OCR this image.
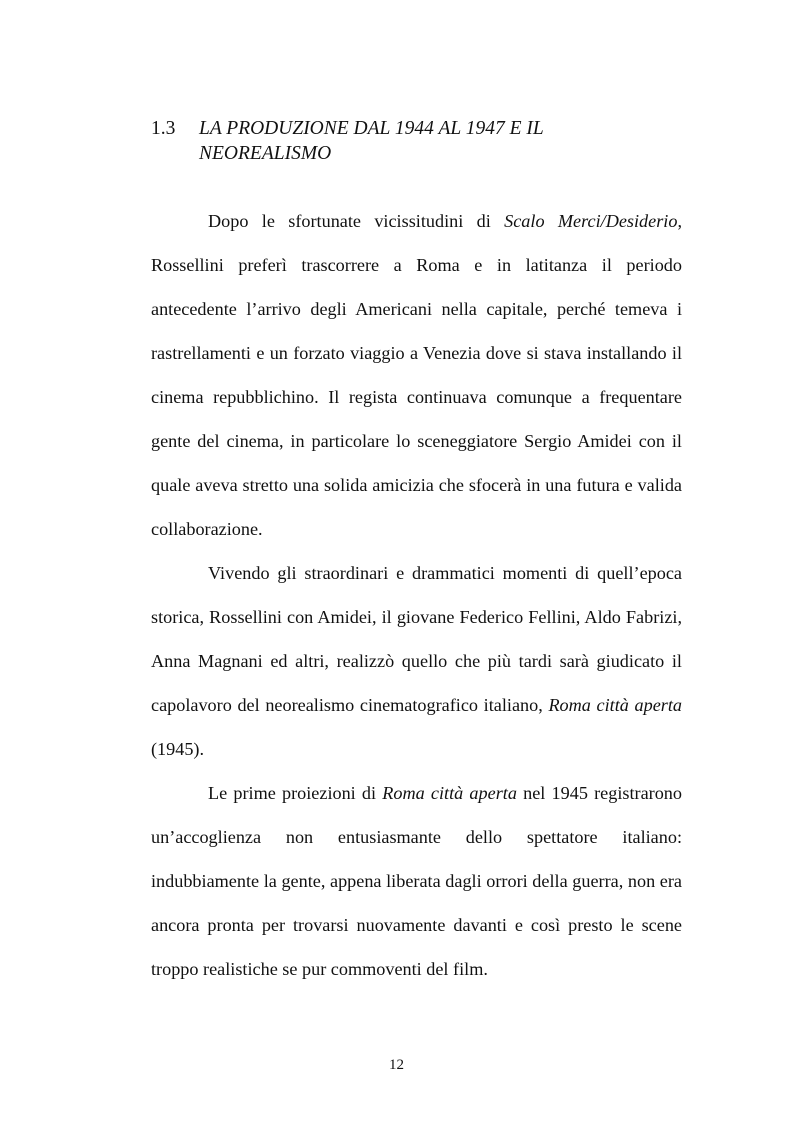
1.3	LA PRODUZIONE DAL 1944 AL 1947 E IL NEOREALISMO

Dopo le sfortunate vicissitudini di Scalo Merci/Desiderio, Rossellini preferì trascorrere a Roma e in latitanza il periodo antecedente l’arrivo degli Americani nella capitale, perché temeva i rastrellamenti e un forzato viaggio a Venezia dove si stava installando il cinema repubblichino. Il regista continuava comunque a frequentare gente del cinema, in particolare lo sceneggiatore Sergio Amidei con il quale aveva stretto una solida amicizia che sfocerà in una futura e valida collaborazione.

Vivendo gli straordinari e drammatici momenti di quell’epoca storica, Rossellini con Amidei, il giovane Federico Fellini, Aldo Fabrizi, Anna Magnani ed altri, realizzò quello che più tardi sarà giudicato il capolavoro del neorealismo cinematografico italiano, Roma città aperta (1945).

Le prime proiezioni di Roma città aperta nel 1945 registrarono un’accoglienza non entusiasmante dello spettatore italiano: indubbiamente la gente, appena liberata dagli orrori della guerra, non era ancora pronta per trovarsi nuovamente davanti e così presto le scene troppo realistiche se pur commoventi del film.

12
